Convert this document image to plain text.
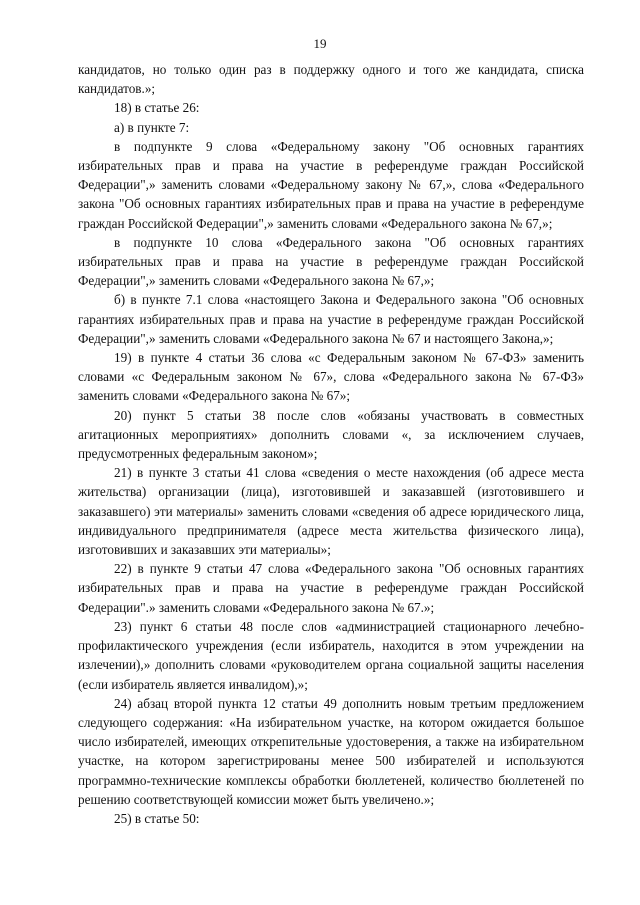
19

кандидатов, но только один раз в поддержку одного и того же кандидата, списка кандидатов.»;

18) в статье 26:

а) в пункте 7:

в подпункте 9 слова «Федеральному закону "Об основных гарантиях избирательных прав и права на участие в референдуме граждан Российской Федерации",» заменить словами «Федеральному закону № 67,», слова «Федерального закона "Об основных гарантиях избирательных прав и права на участие в референдуме граждан Российской Федерации",» заменить словами «Федерального закона № 67,»;

в подпункте 10 слова «Федерального закона "Об основных гарантиях избирательных прав и права на участие в референдуме граждан Российской Федерации",» заменить словами «Федерального закона № 67,»;

б) в пункте 7.1 слова «настоящего Закона и Федерального закона "Об основных гарантиях избирательных прав и права на участие в референдуме граждан Российской Федерации",» заменить словами «Федерального закона № 67 и настоящего Закона,»;

19) в пункте 4 статьи 36 слова «с Федеральным законом № 67-ФЗ» заменить словами «с Федеральным законом № 67», слова «Федерального закона № 67-ФЗ» заменить словами «Федерального закона № 67»;

20) пункт 5 статьи 38 после слов «обязаны участвовать в совместных агитационных мероприятиях» дополнить словами «, за исключением случаев, предусмотренных федеральным законом»;

21) в пункте 3 статьи 41 слова «сведения о месте нахождения (об адресе места жительства) организации (лица), изготовившей и заказавшей (изготовившего и заказавшего) эти материалы» заменить словами «сведения об адресе юридического лица, индивидуального предпринимателя (адресе места жительства физического лица), изготовивших и заказавших эти материалы»;

22) в пункте 9 статьи 47 слова «Федерального закона "Об основных гарантиях избирательных прав и права на участие в референдуме граждан Российской Федерации".» заменить словами «Федерального закона № 67.»;

23) пункт 6 статьи 48 после слов «администрацией стационарного лечебно-профилактического учреждения (если избиратель, находится в этом учреждении на излечении),» дополнить словами «руководителем органа социальной защиты населения (если избиратель является инвалидом),»;

24) абзац второй пункта 12 статьи 49 дополнить новым третьим предложением следующего содержания: «На избирательном участке, на котором ожидается большое число избирателей, имеющих открепительные удостоверения, а также на избирательном участке, на котором зарегистрированы менее 500 избирателей и используются программно-технические комплексы обработки бюллетеней, количество бюллетеней по решению соответствующей комиссии может быть увеличено.»;

25) в статье 50:
